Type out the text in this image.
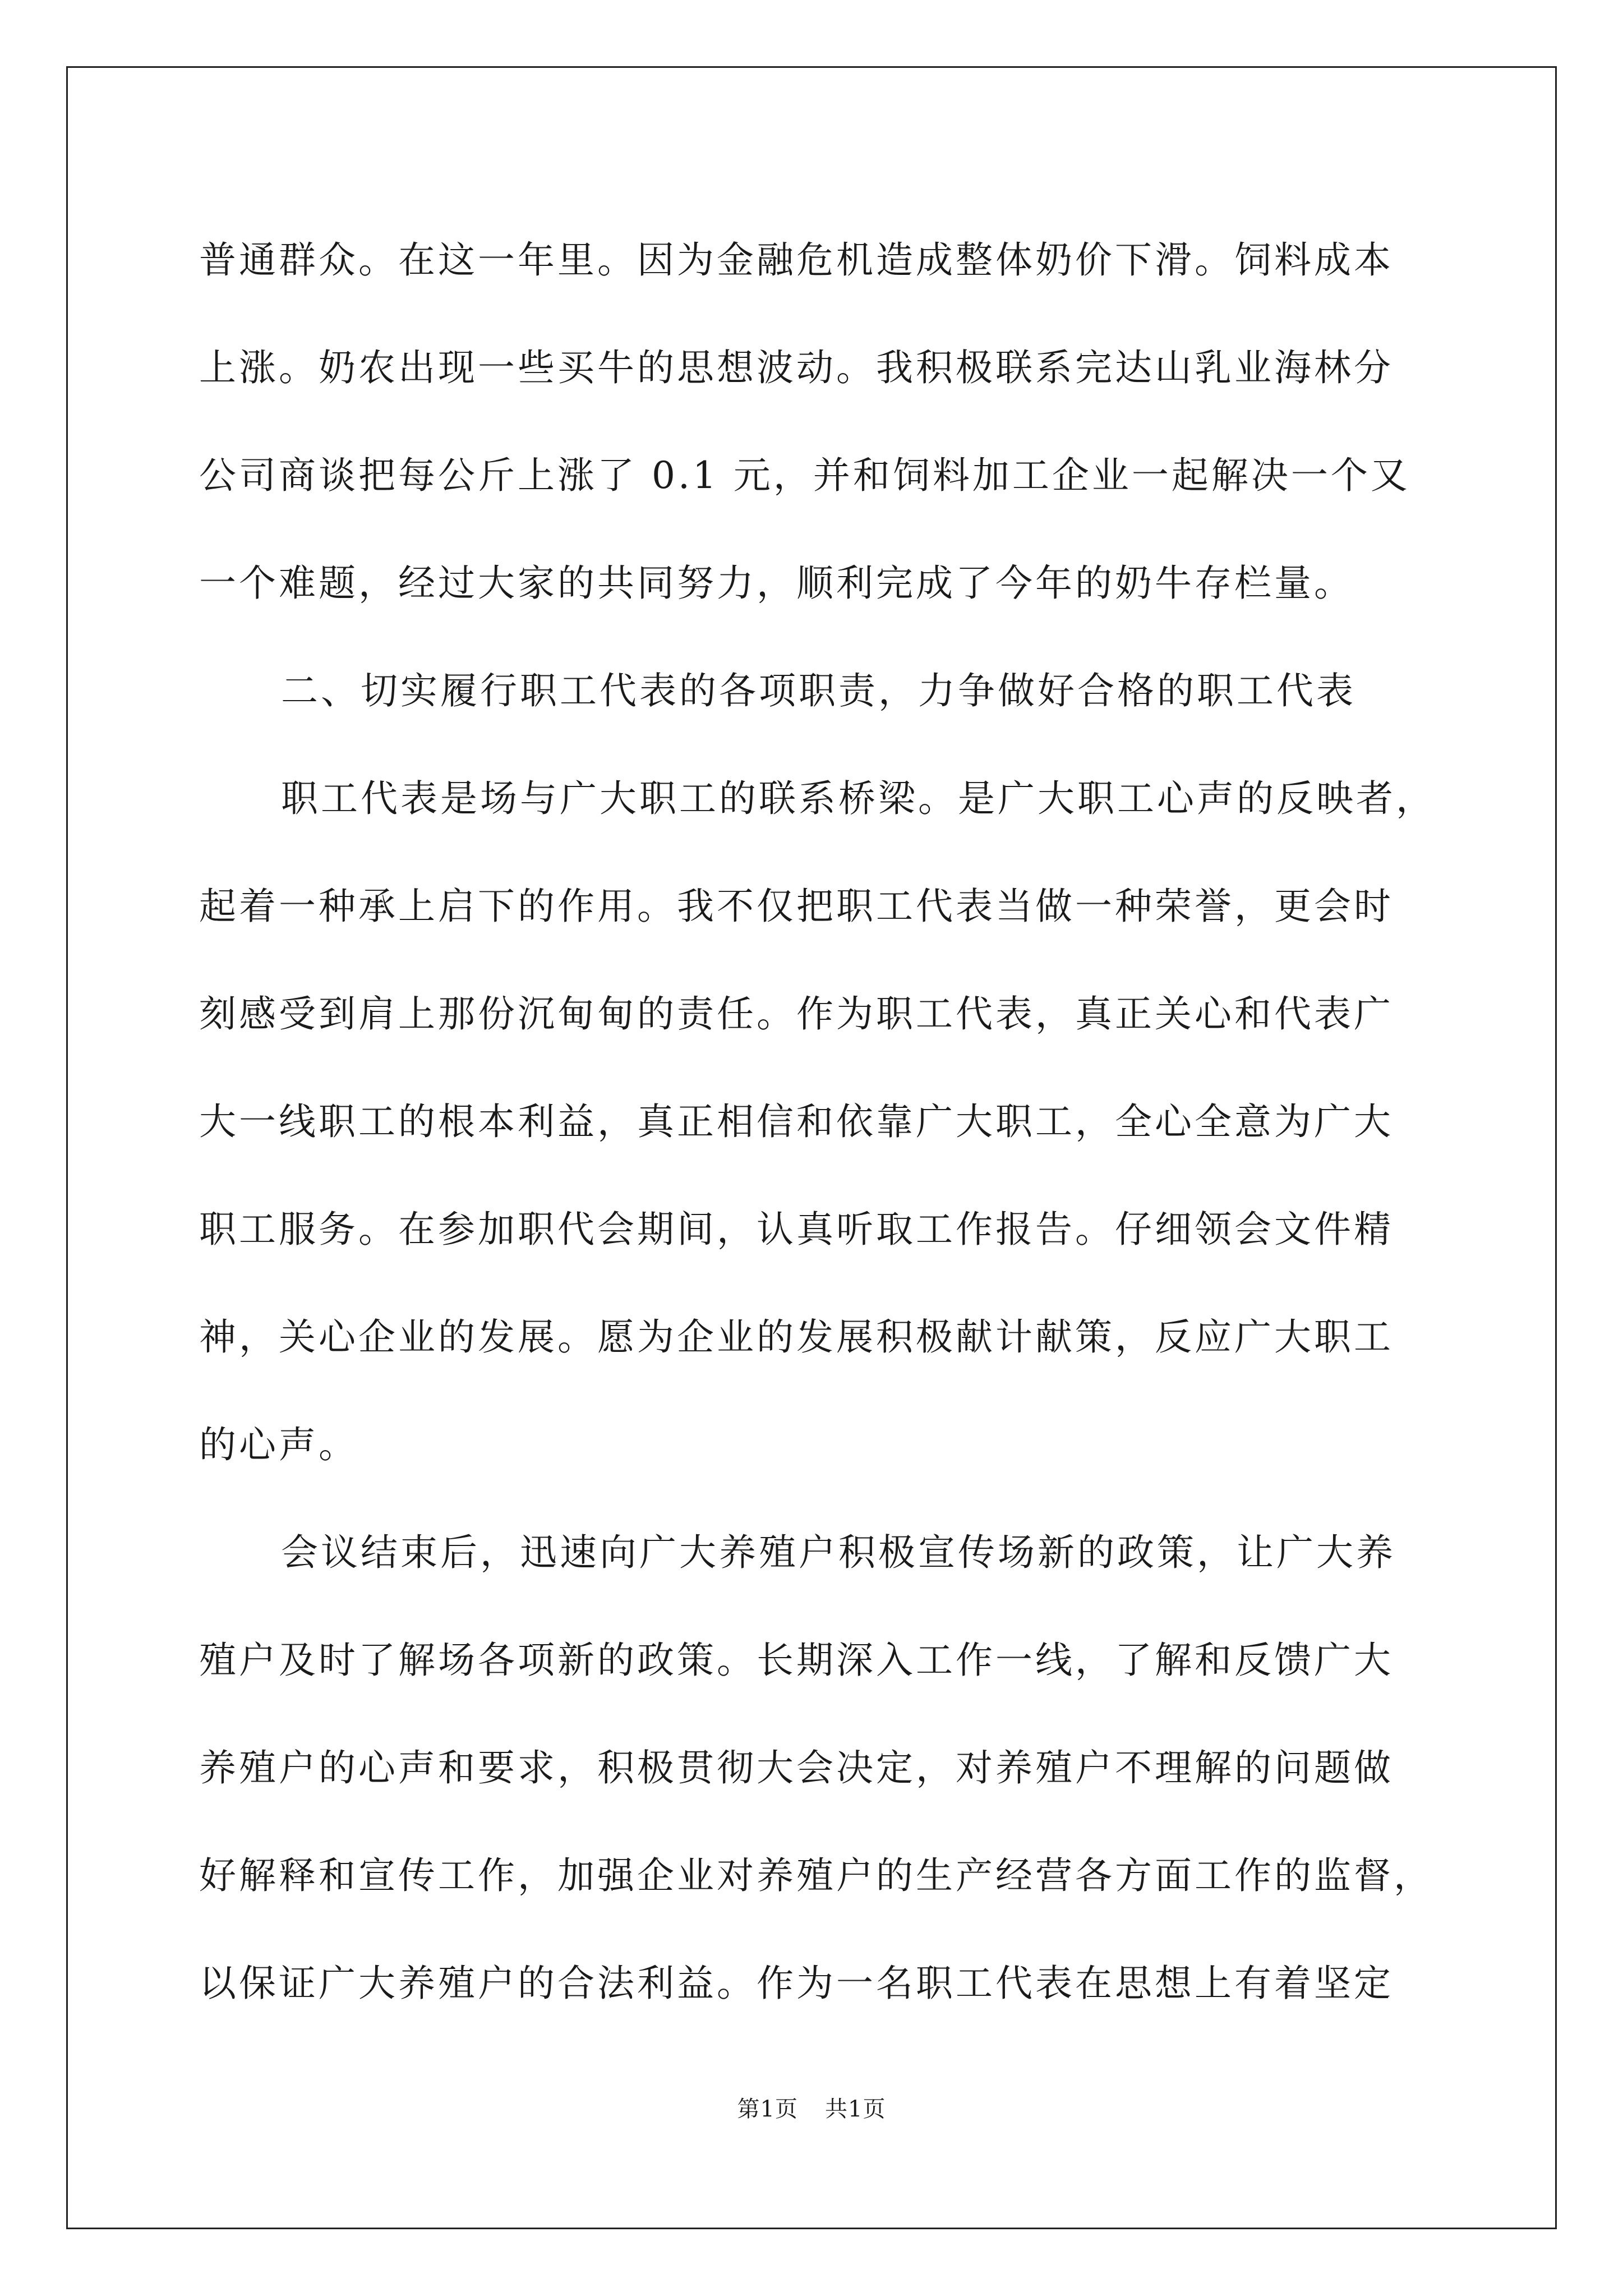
普通群众。在这一年里。因为金融危机造成整体奶价下滑。饲料成本

上涨。奶农出现一些买牛的思想波动。我积极联系完达山乳业海林分

公司商谈把每公斤上涨了 0.1 元，并和饲料加工企业一起解决一个又

一个难题，经过大家的共同努力，顺利完成了今年的奶牛存栏量。

二、切实履行职工代表的各项职责，力争做好合格的职工代表

职工代表是场与广大职工的联系桥梁。是广大职工心声的反映者，

起着一种承上启下的作用。我不仅把职工代表当做一种荣誉，更会时

刻感受到肩上那份沉甸甸的责任。作为职工代表，真正关心和代表广

大一线职工的根本利益，真正相信和依靠广大职工，全心全意为广大

职工服务。在参加职代会期间，认真听取工作报告。仔细领会文件精

神，关心企业的发展。愿为企业的发展积极献计献策，反应广大职工

的心声。

会议结束后，迅速向广大养殖户积极宣传场新的政策，让广大养

殖户及时了解场各项新的政策。长期深入工作一线，了解和反馈广大

养殖户的心声和要求，积极贯彻大会决定，对养殖户不理解的问题做

好解释和宣传工作，加强企业对养殖户的生产经营各方面工作的监督，

以保证广大养殖户的合法利益。作为一名职工代表在思想上有着坚定

第1页 共1页
